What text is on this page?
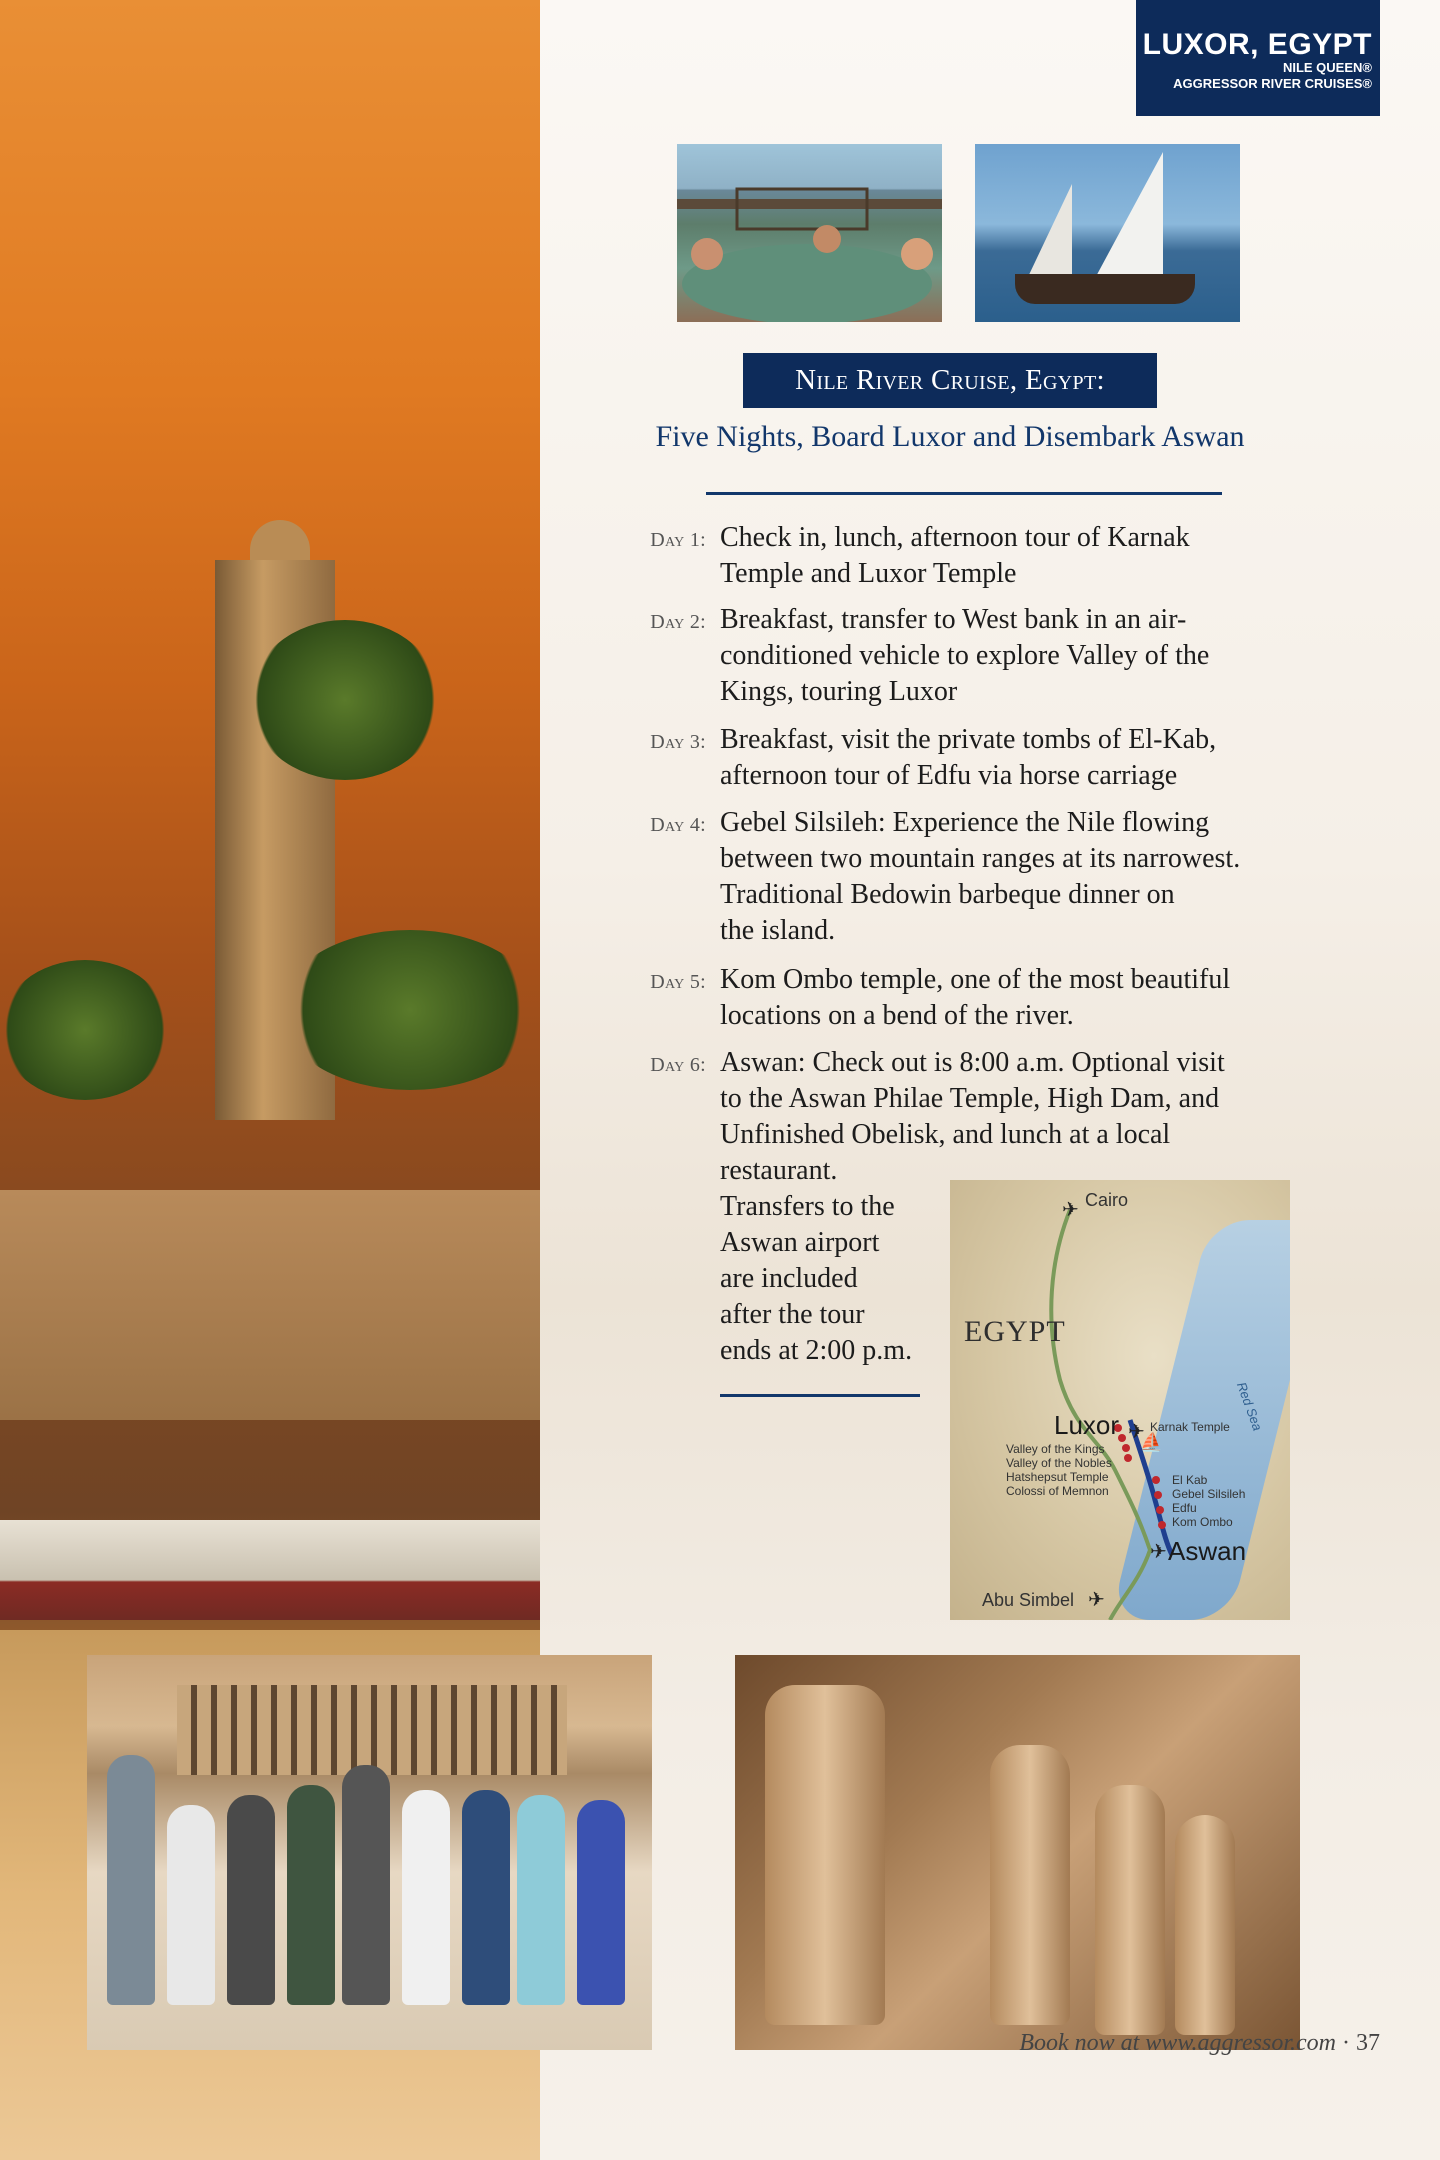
LUXOR, EGYPT
NILE QUEEN®
AGGRESSOR RIVER CRUISES®
Nile River Cruise, Egypt:
Five Nights, Board Luxor and Disembark Aswan
Day 1: Check in, lunch, afternoon tour of Karnak
Temple and Luxor Temple
Day 2: Breakfast, transfer to West bank in an air-
conditioned vehicle to explore Valley of the
Kings, touring Luxor
Day 3: Breakfast, visit the private tombs of El-Kab,
afternoon tour of Edfu via horse carriage
Day 4: Gebel Silsileh: Experience the Nile flowing
between two mountain ranges at its narrowest.
Traditional Bedowin barbeque dinner on
the island.
Day 5: Kom Ombo temple, one of the most beautiful
locations on a bend of the river.
Day 6: Aswan: Check out is 8:00 a.m. Optional visit
to the Aswan Philae Temple, High Dam, and
Unfinished Obelisk, and lunch at a local
restaurant.
Transfers to the
Aswan airport
are included
after the tour
ends at 2:00 p.m.
✈
✈
✈
✈
⛵
Cairo
EGYPT
Red Sea
Luxor	Karnak Temple
Valley of the Kings
Valley of the Nobles
Hatshepsut Temple
Colossi of Memnon
El Kab
Gebel Silsileh
Edfu
Kom Ombo
Aswan
Abu Simbel
Book now at www.aggressor.com · 37
